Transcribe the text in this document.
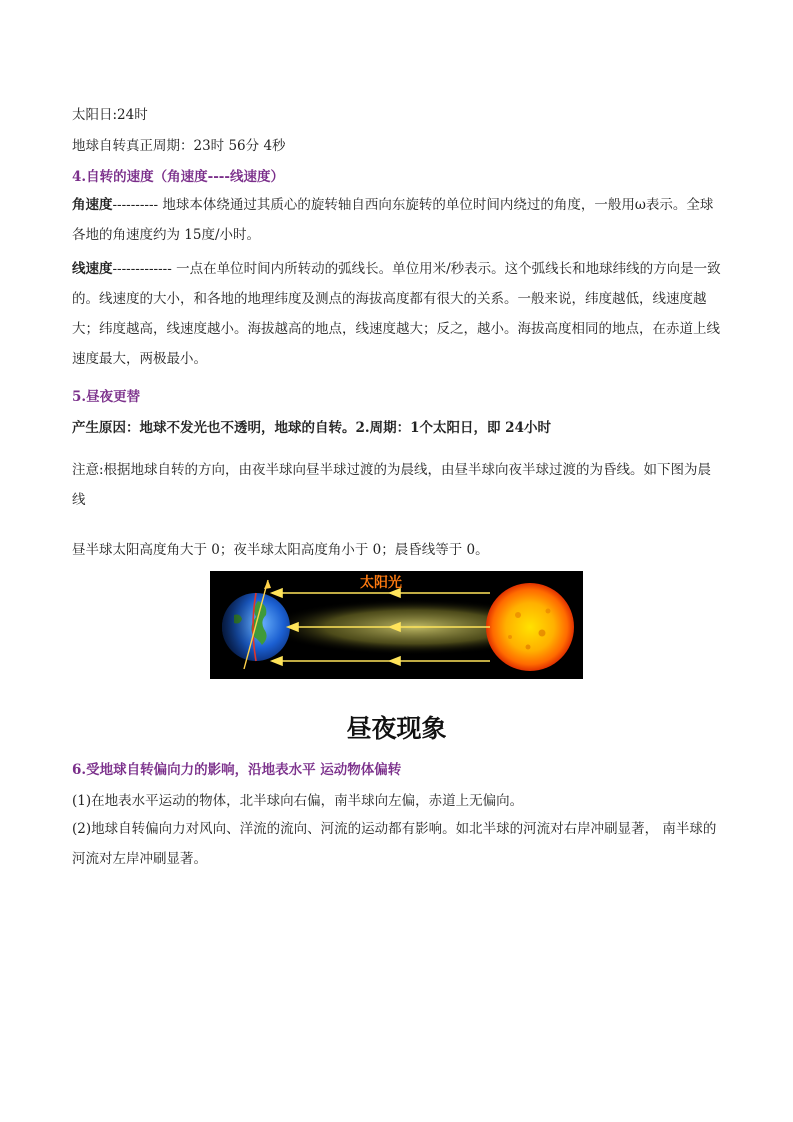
太阳日:24时
地球自转真正周期：23时 56分 4秒
4.自转的速度（角速度----线速度）
角速度---------- 地球本体绕通过其质心的旋转轴自西向东旋转的单位时间内绕过的角度，一般用ω表示。全球各地的角速度约为 15度/小时。
线速度------------- 一点在单位时间内所转动的弧线长。单位用米/秒表示。这个弧线长和地球纬线的方向是一致的。线速度的大小，和各地的地理纬度及测点的海拔高度都有很大的关系。一般来说，纬度越低，线速度越大；纬度越高，线速度越小。海拔越高的地点，线速度越大；反之，越小。海拔高度相同的地点，在赤道上线速度最大，两极最小。
5.昼夜更替
产生原因：地球不发光也不透明，地球的自转。2.周期：1个太阳日，即 24小时
注意:根据地球自转的方向，由夜半球向昼半球过渡的为晨线，由昼半球向夜半球过渡的为昏线。如下图为晨线
昼半球太阳高度角大于 0；夜半球太阳高度角小于 0；晨昏线等于 0。
太阳光
昼夜现象
6.受地球自转偏向力的影响，沿地表水平 运动物体偏转
(1)在地表水平运动的物体，北半球向右偏，南半球向左偏，赤道上无偏向。
(2)地球自转偏向力对风向、洋流的流向、河流的运动都有影响。如北半球的河流对右岸冲刷显著， 南半球的河流对左岸冲刷显著。
